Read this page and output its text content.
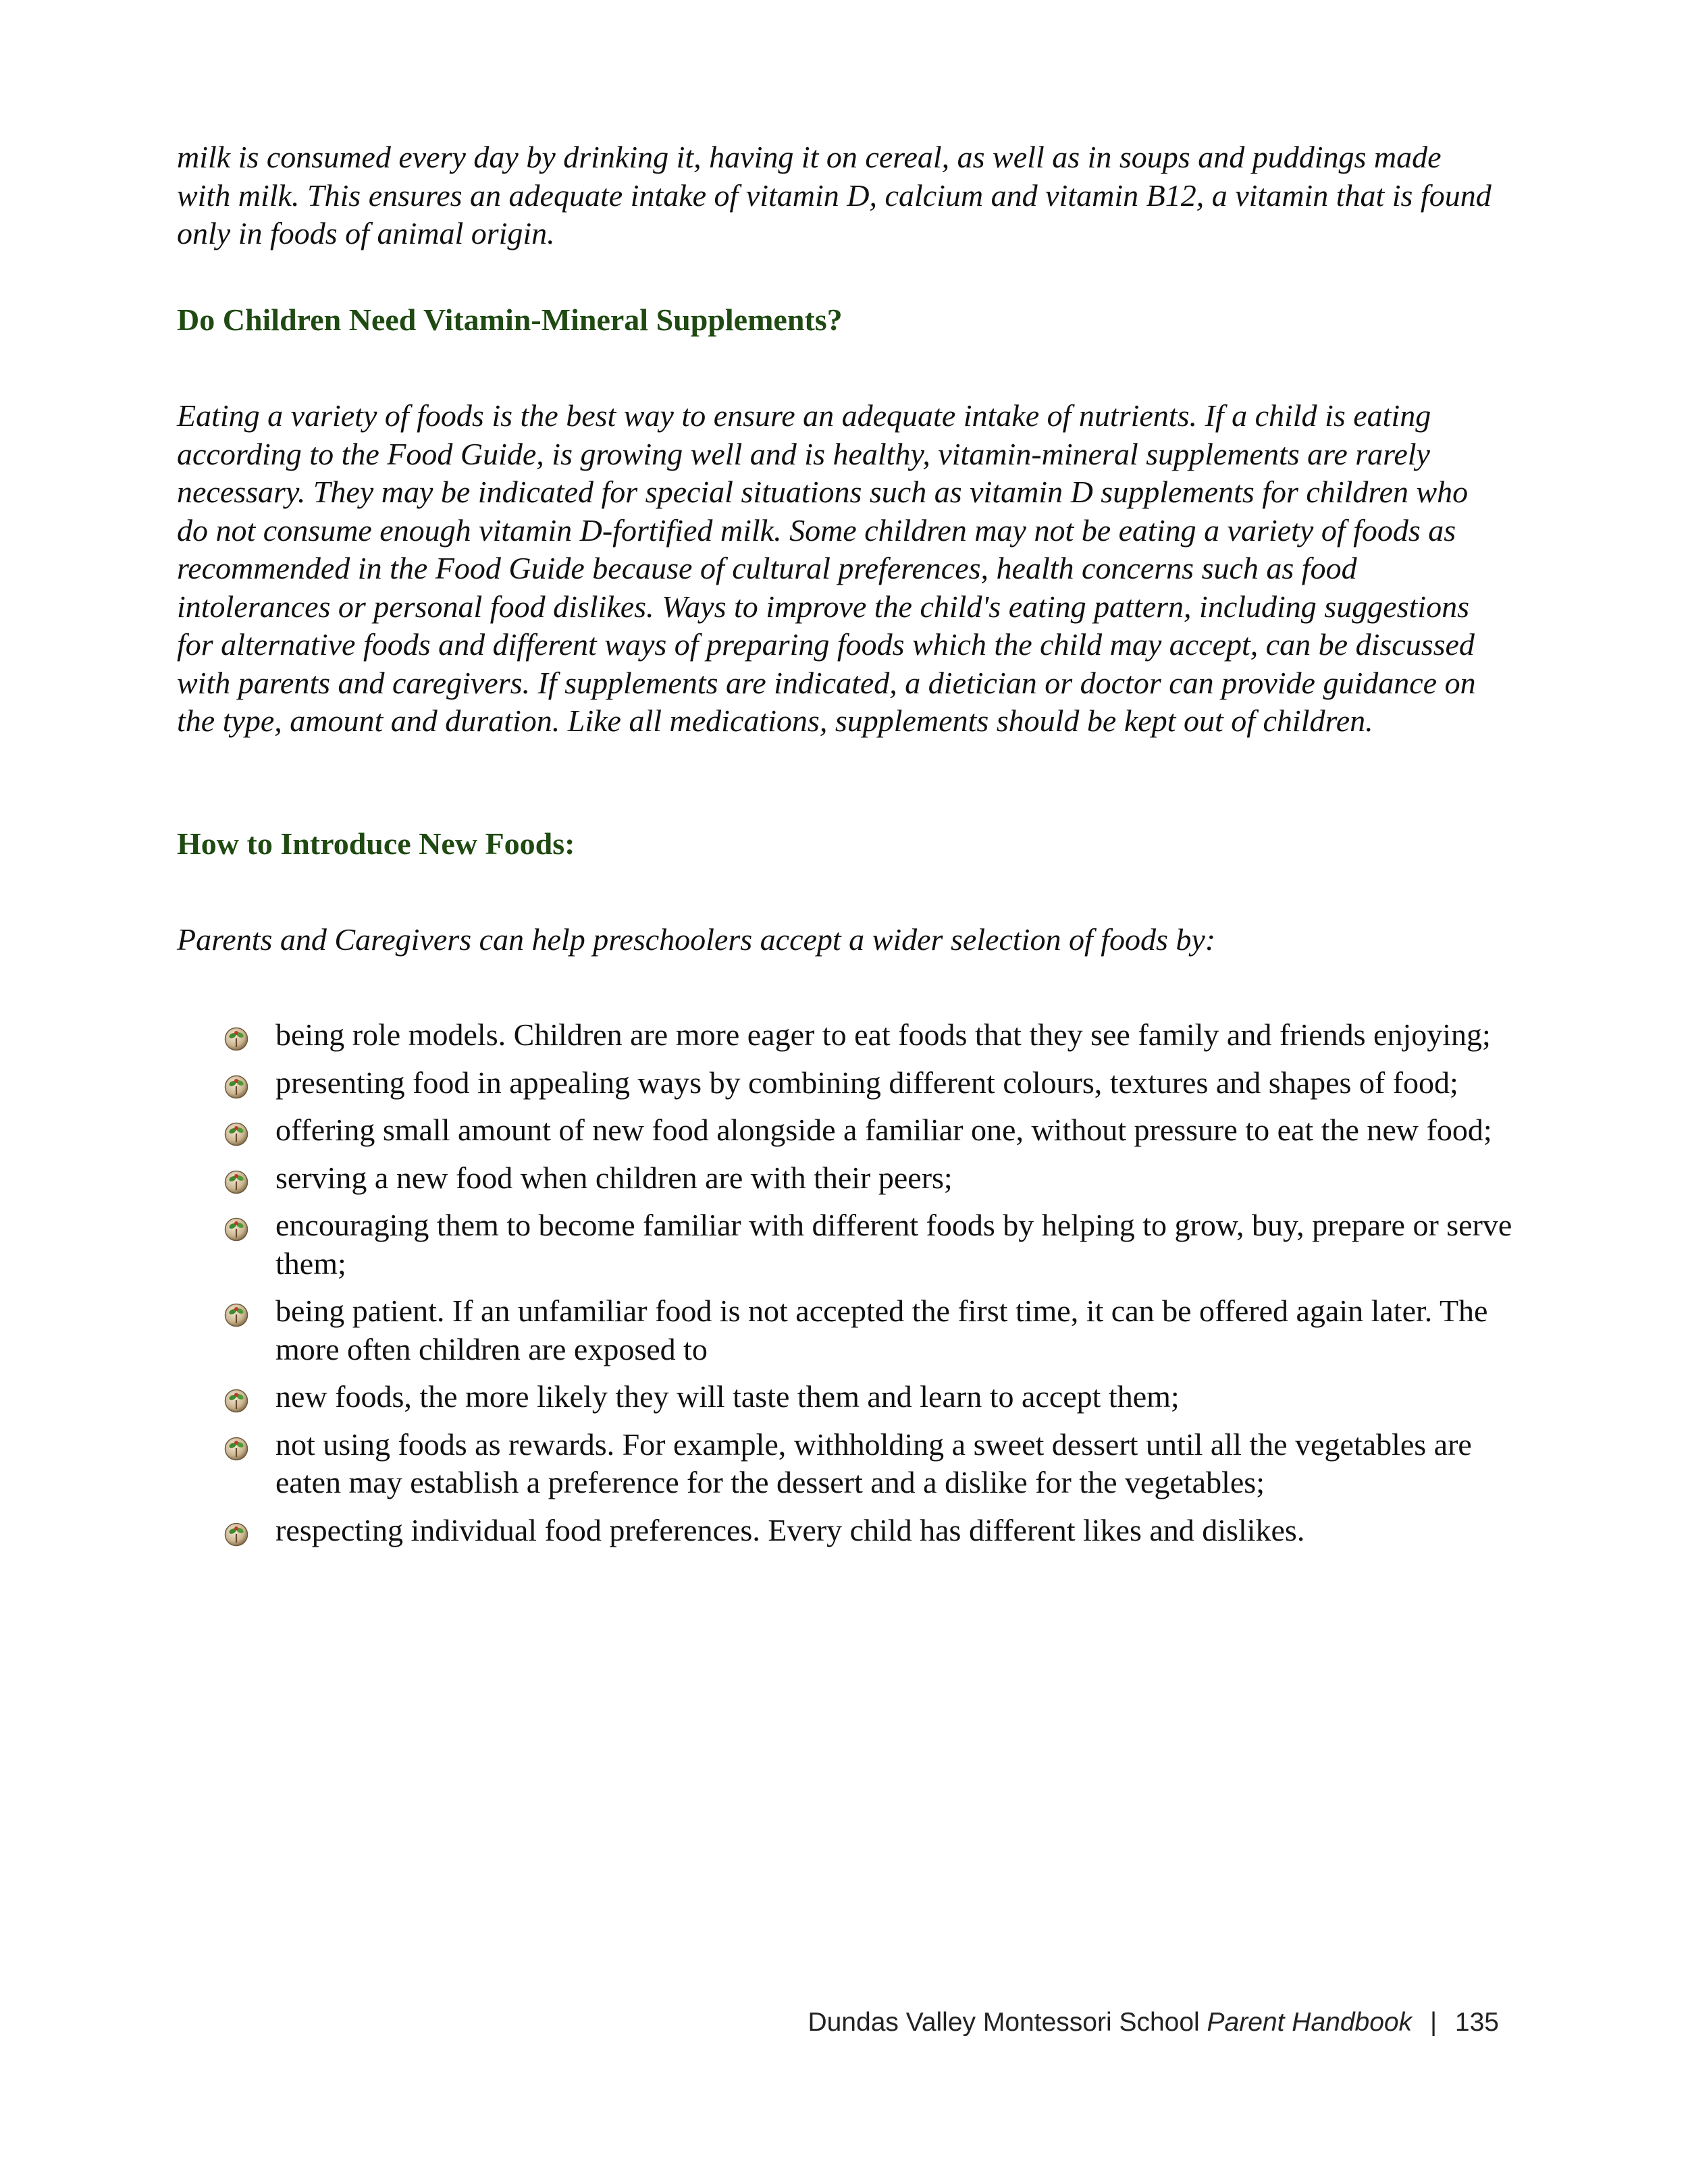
milk is consumed every day by drinking it, having it on cereal, as well as in soups and puddings made with milk. This ensures an adequate intake of vitamin D, calcium and vitamin B12, a vitamin that is found only in foods of animal origin.

Do Children Need Vitamin-Mineral Supplements?

Eating a variety of foods is the best way to ensure an adequate intake of nutrients. If a child is eating according to the Food Guide, is growing well and is healthy, vitamin-mineral supplements are rarely necessary. They may be indicated for special situations such as vitamin D supplements for children who do not consume enough vitamin D-fortified milk. Some children may not be eating a variety of foods as recommended in the Food Guide because of cultural preferences, health concerns such as food intolerances or personal food dislikes. Ways to improve the child's eating pattern, including suggestions for alternative foods and different ways of preparing foods which the child may accept, can be discussed with parents and caregivers. If supplements are indicated, a dietician or doctor can provide guidance on the type, amount and duration. Like all medications, supplements should be kept out of children.

How to Introduce New Foods:

Parents and Caregivers can help preschoolers accept a wider selection of foods by:

being role models. Children are more eager to eat foods that they see family and friends enjoying;
presenting food in appealing ways by combining different colours, textures and shapes of food;
offering small amount of new food alongside a familiar one, without pressure to eat the new food;
serving a new food when children are with their peers;
encouraging them to become familiar with different foods by helping to grow, buy, prepare or serve them;
being patient. If an unfamiliar food is not accepted the first time, it can be offered again later. The more often children are exposed to
new foods, the more likely they will taste them and learn to accept them;
not using foods as rewards. For example, withholding a sweet dessert until all the vegetables are eaten may establish a preference for the dessert and a dislike for the vegetables;
respecting individual food preferences. Every child has different likes and dislikes.
Dundas Valley Montessori School Parent Handbook | 135
